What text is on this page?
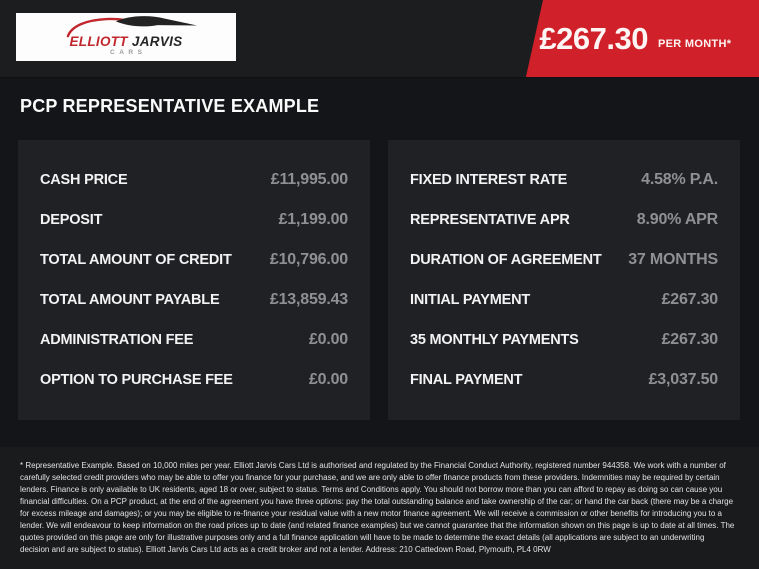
ELLIOTT JARVIS
CARS	£267.30 PER MONTH*
PCP REPRESENTATIVE EXAMPLE
CASH PRICE	£11,995.00
DEPOSIT	£1,199.00
TOTAL AMOUNT OF CREDIT £10,796.00
TOTAL AMOUNT PAYABLE	£13,859.43
ADMINISTRATION FEE	£0.00
OPTION TO PURCHASE FEE	£0.00
FIXED INTEREST RATE	4.58% P.A.
REPRESENTATIVE APR	8.90% APR
DURATION OF AGREEMENT 37 MONTHS
INITIAL PAYMENT	£267.30
35 MONTHLY PAYMENTS	£267.30
FINAL PAYMENT	£3,037.50

* Representative Example. Based on 10,000 miles per year. Elliott Jarvis Cars Ltd is authorised and regulated by the Financial Conduct Authority, registered number 944358. We work with a number of carefully selected credit providers who may be able to offer you finance for your purchase, and we are only able to offer finance products from these providers. Indemnities may be required by certain lenders. Finance is only available to UK residents, aged 18 or over, subject to status. Terms and Conditions apply. You should not borrow more than you can afford to repay as doing so can cause you financial difficulties. On a PCP product, at the end of the agreement you have three options: pay the total outstanding balance and take ownership of the car; or hand the car back (there may be a charge for excess mileage and damages); or you may be eligible to re-finance your residual value with a new motor finance agreement. We will receive a commission or other benefits for introducing you to a lender. We will endeavour to keep information on the road prices up to date (and related finance examples) but we cannot guarantee that the information shown on this page is up to date at all times. The quotes provided on this page are only for illustrative purposes only and a full finance application will have to be made to determine the exact details (all applications are subject to an underwriting decision and are subject to status). Elliott Jarvis Cars Ltd acts as a credit broker and not a lender. Address: 210 Cattedown Road, Plymouth, PL4 0RW
